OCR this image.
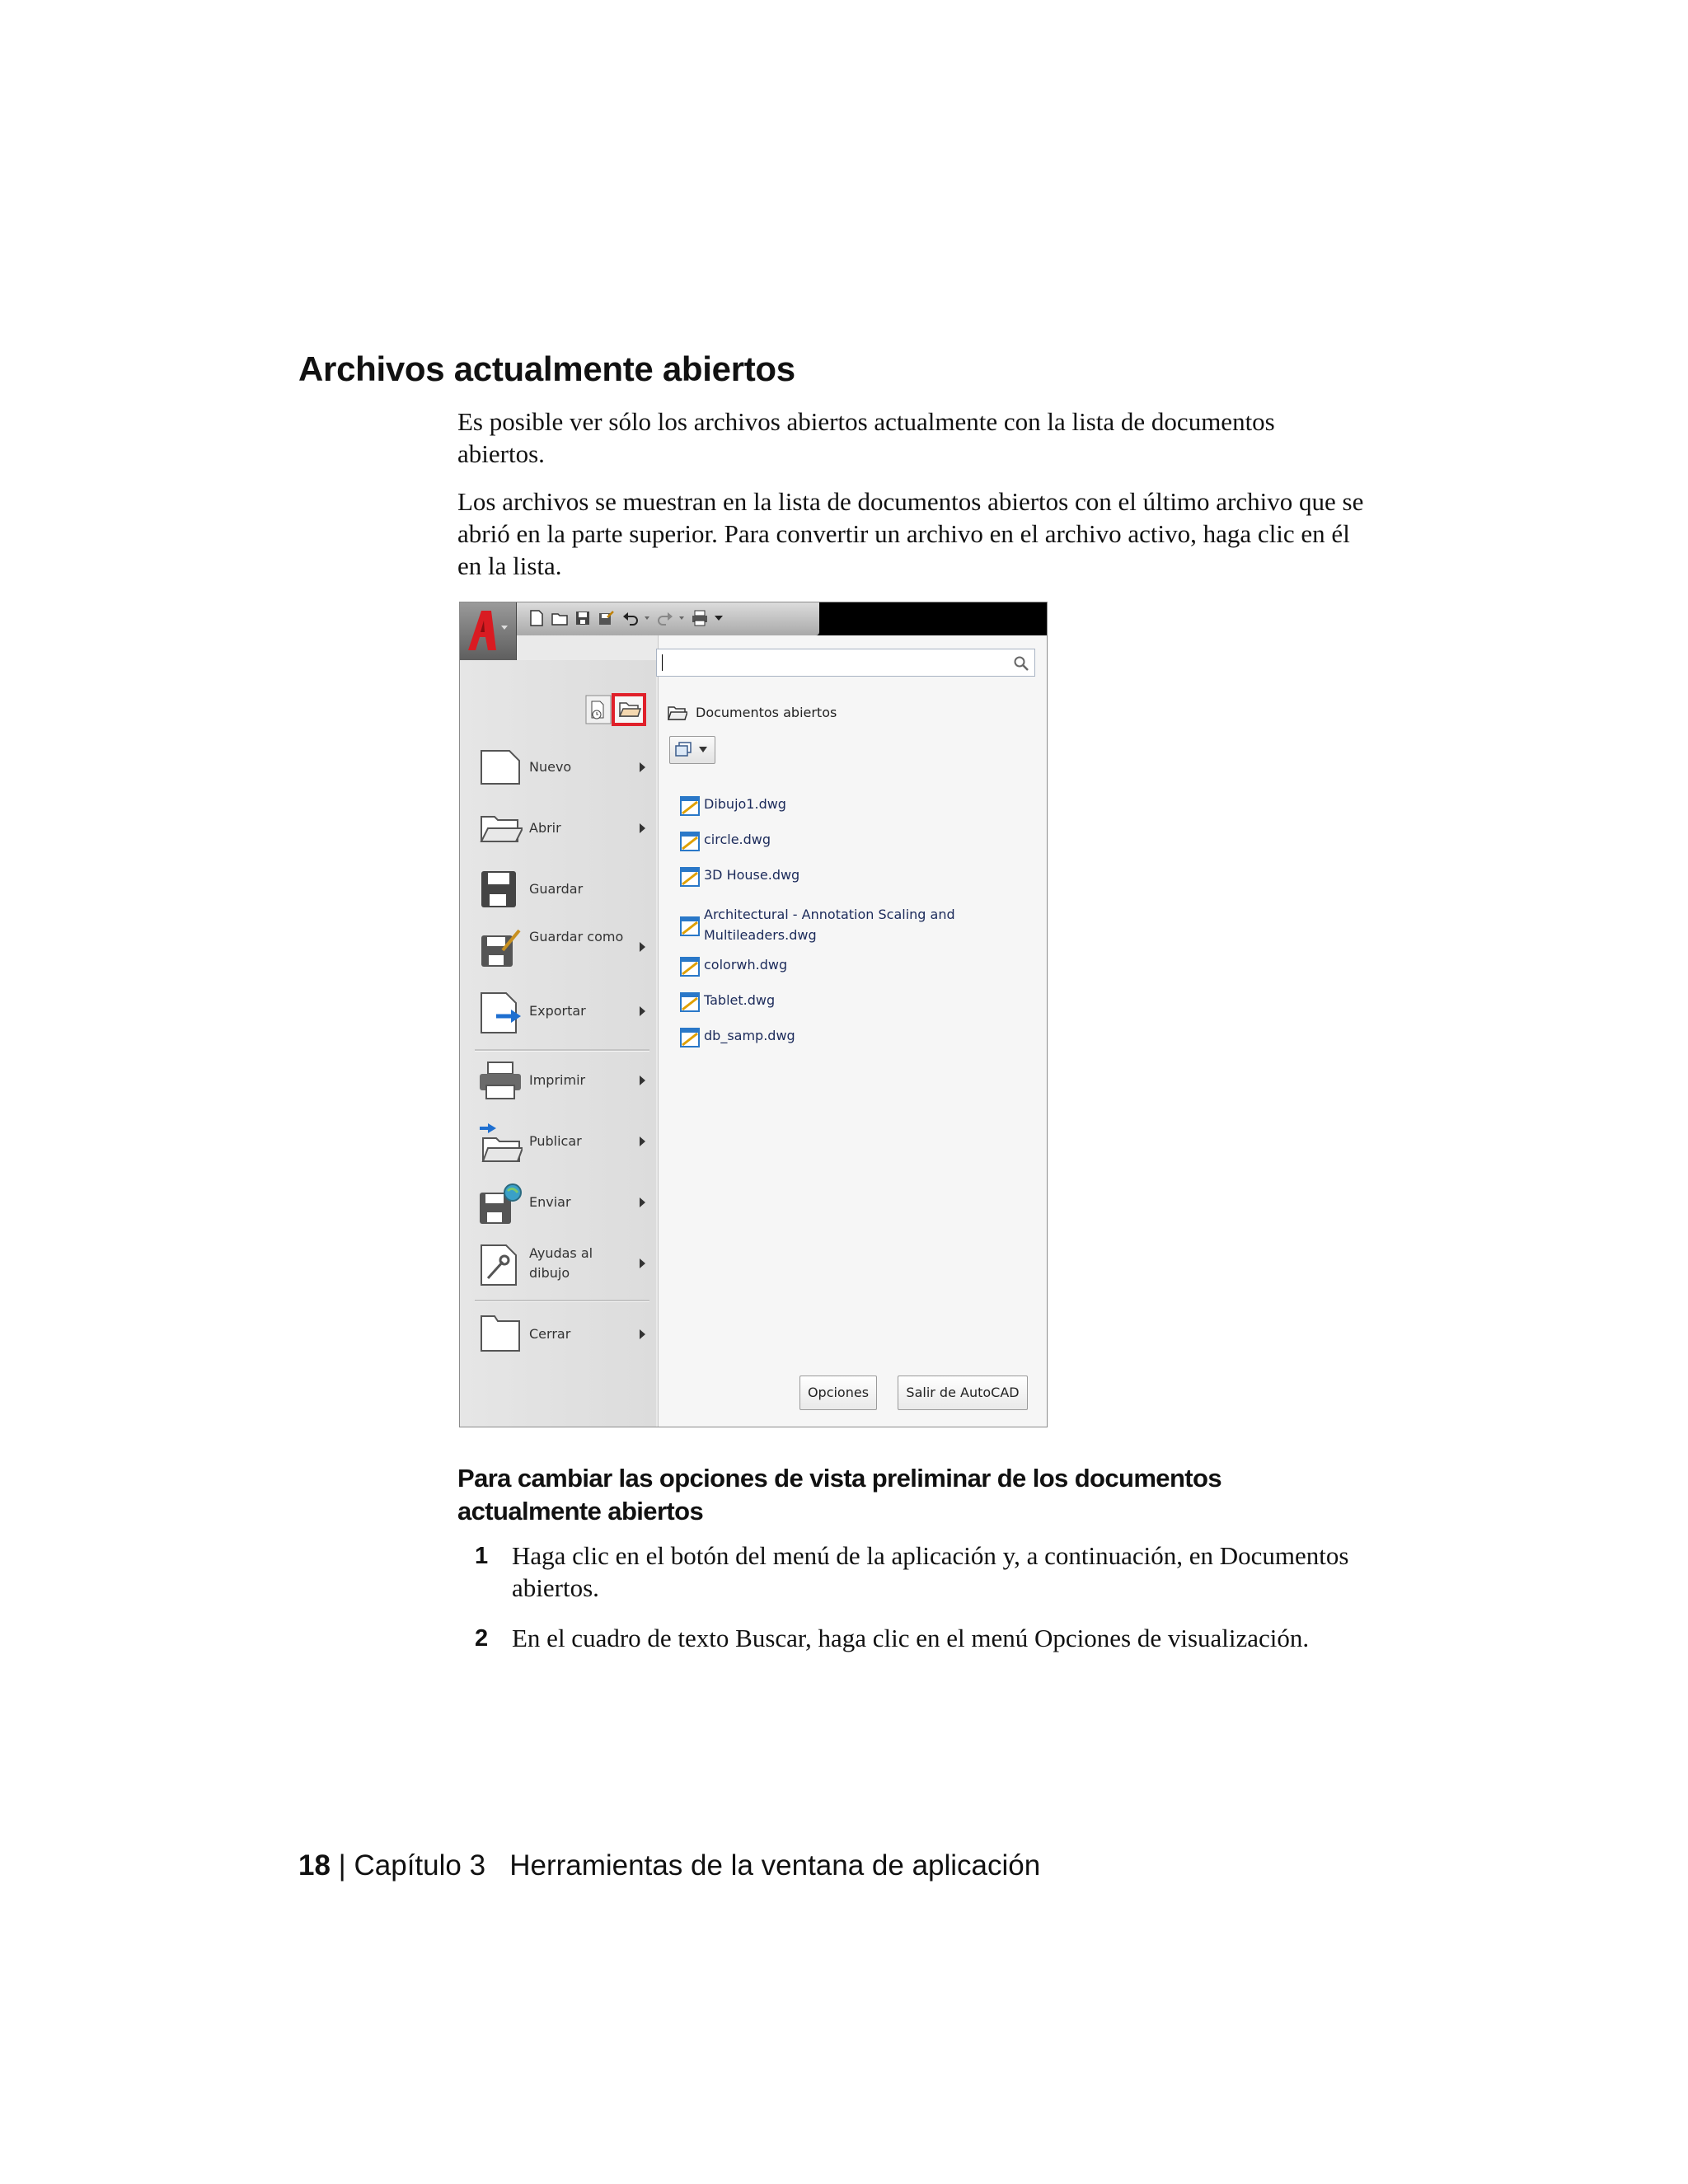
Archivos actualmente abiertos
Es posible ver sólo los archivos abiertos actualmente con la lista de documentos abiertos.
Los archivos se muestran en la lista de documentos abiertos con el último archivo que se abrió en la parte superior. Para convertir un archivo en el archivo activo, haga clic en él en la lista.
Nuevo
Abrir
Guardar
Guardar como
Exportar
Imprimir
Publicar
Enviar
Ayudas al dibujo
Cerrar
Documentos abiertos
Dibujo1.dwg
circle.dwg
3D House.dwg
Architectural - Annotation Scaling and Multileaders.dwg
colorwh.dwg
Tablet.dwg
db_samp.dwg
Opciones	Salir de AutoCAD
Para cambiar las opciones de vista preliminar de los documentos actualmente abiertos
1 Haga clic en el botón del menú de la aplicación y, a continuación, en Documentos abiertos.
2 En el cuadro de texto Buscar, haga clic en el menú Opciones de visualización.
18 | Capítulo 3 Herramientas de la ventana de aplicación
